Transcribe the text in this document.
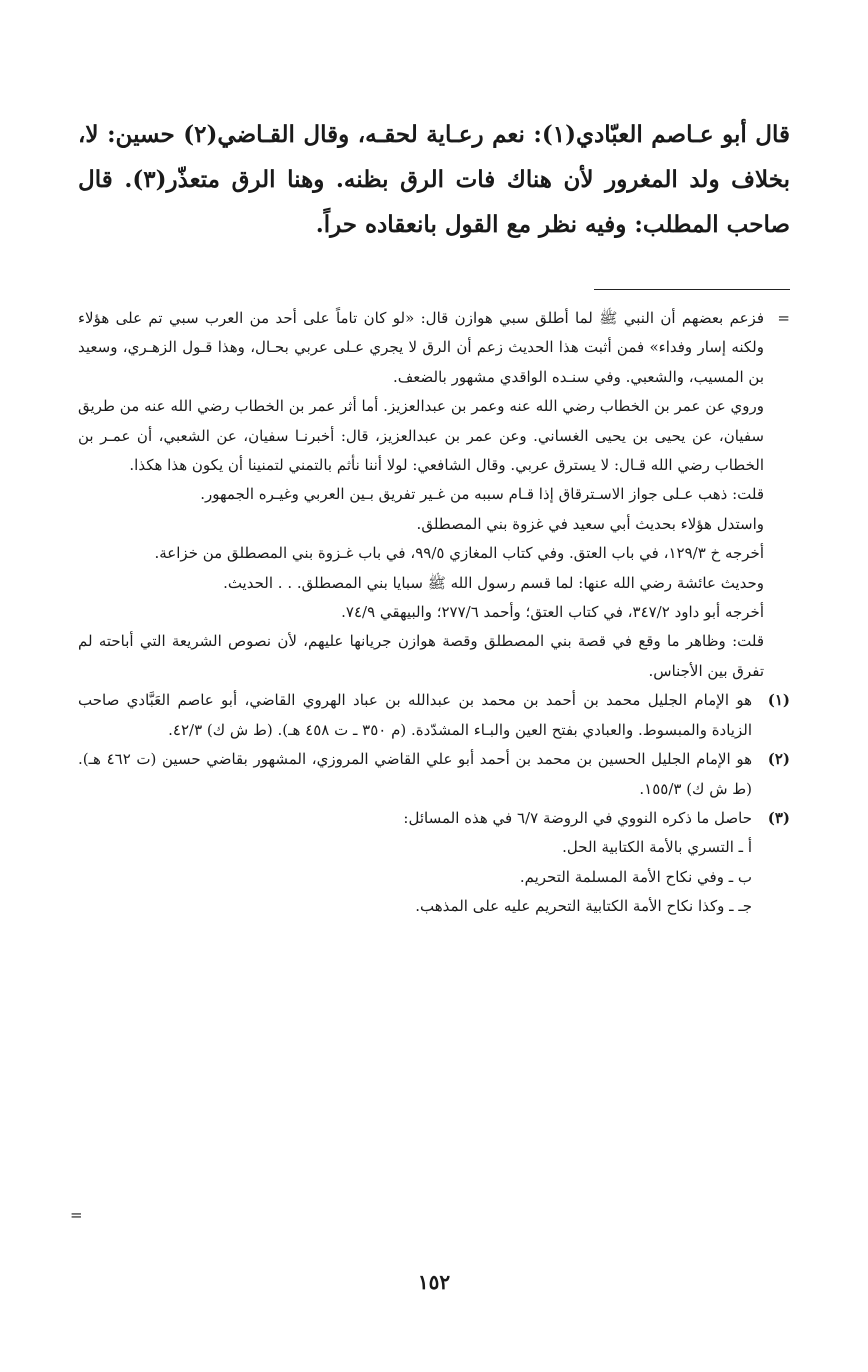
قال أبو عـاصم العبّادي(١): نعم رعـاية لحقـه، وقال القـاضي(٢) حسين: لا، بخلاف ولد المغرور لأن هناك فات الرق بظنه. وهنا الرق متعذّر(٣). قال صاحب المطلب: وفيه نظر مع القول بانعقاده حراً.

=

فزعم بعضهم أن النبي ﷺ لما أطلق سبي هوازن قال: «لو كان تاماً على أحد من العرب سبي تم على هؤلاء ولكنه إسار وفداء» فمن أثبت هذا الحديث زعم أن الرق لا يجري عـلى عربي بحـال، وهذا قـول الزهـري، وسعيد بن المسيب، والشعبي. وفي سنـده الواقدي مشهور بالضعف.

وروي عن عمر بن الخطاب رضي الله عنه وعمر بن عبدالعزيز. أما أثر عمر بن الخطاب رضي الله عنه من طريق سفيان، عن يحيى بن يحيى الغساني. وعن عمر بن عبدالعزيز، قال: أخبرنـا سفيان، عن الشعبي، أن عمـر بن الخطاب رضي الله قـال: لا يسترق عربي. وقال الشافعي: لولا أننا نأثم بالتمني لتمنينا أن يكون هذا هكذا.

قلت: ذهب عـلى جواز الاسـترقاق إذا قـام سببه من غـير تفريق بـين العربي وغيـره الجمهور.

واستدل هؤلاء بحديث أبي سعيد في غزوة بني المصطلق.

أخرجه خ ١٢٩/٣، في باب العتق. وفي كتاب المغازي ٩٩/٥، في باب غـزوة بني المصطلق من خزاعة.

وحديث عائشة رضي الله عنها: لما قسم رسول الله ﷺ سبايا بني المصطلق. . . الحديث.

أخرجه أبو داود ٣٤٧/٢، في كتاب العتق؛ وأحمد ٢٧٧/٦؛ والبيهقي ٧٤/٩.

قلت: وظاهر ما وقع في قصة بني المصطلق وقصة هوازن جريانها عليهم، لأن نصوص الشريعة التي أباحته لم تفرق بين الأجناس.

(١)

هو الإمام الجليل محمد بن أحمد بن محمد بن عبدالله بن عباد الهروي القاضي، أبو عاصم العَبَّادي صاحب الزيادة والمبسوط. والعبادي بفتح العين والبـاء المشدّدة. (م ٣٥٠ ـ ت ٤٥٨ هـ). (ط ش ك) ٤٢/٣.

(٢)

هو الإمام الجليل الحسين بن محمد بن أحمد أبو علي القاضي المروزي، المشهور بقاضي حسين (ت ٤٦٢ هـ). (ط ش ك) ١٥٥/٣.

(٣)

حاصل ما ذكره النووي في الروضة ٦/٧ في هذه المسائل:

أ ـ التسري بالأمة الكتابية الحل.

ب ـ وفي نكاح الأمة المسلمة التحريم.

جـ ـ وكذا نكاح الأمة الكتابية التحريم عليه على المذهب.

=
١٥٢
